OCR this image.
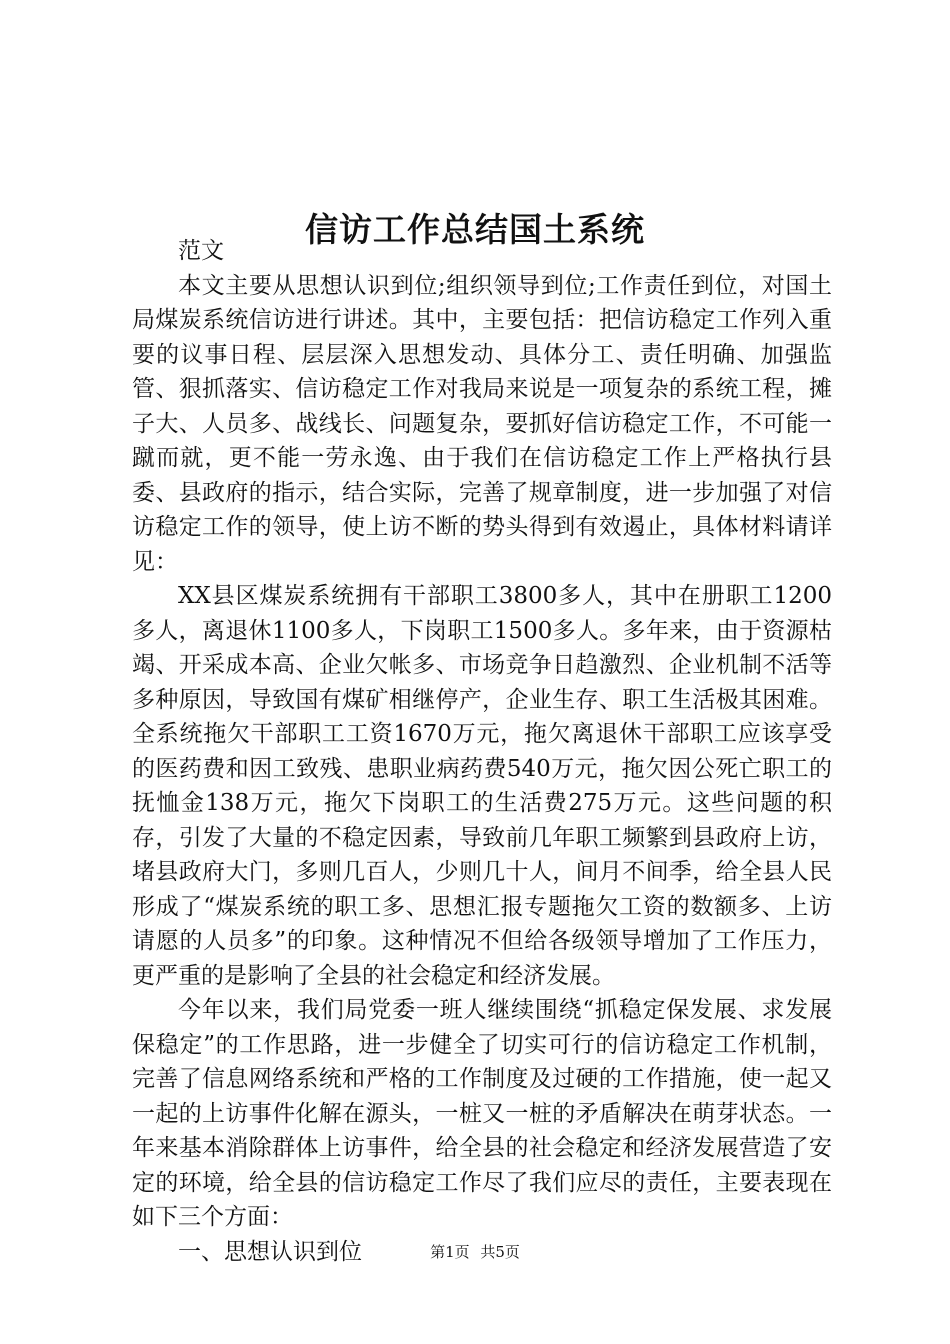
信访工作总结国土系统

范文

本文主要从思想认识到位;组织领导到位;工作责任到位，对国土局煤炭系统信访进行讲述。其中，主要包括：把信访稳定工作列入重要的议事日程、层层深入思想发动、具体分工、责任明确、加强监管、狠抓落实、信访稳定工作对我局来说是一项复杂的系统工程，摊子大、人员多、战线长、问题复杂，要抓好信访稳定工作，不可能一蹴而就，更不能一劳永逸、由于我们在信访稳定工作上严格执行县委、县政府的指示，结合实际，完善了规章制度，进一步加强了对信访稳定工作的领导，使上访不断的势头得到有效遏止，具体材料请详见：

XX县区煤炭系统拥有干部职工3800多人，其中在册职工1200多人，离退休1100多人，下岗职工1500多人。多年来，由于资源枯竭、开采成本高、企业欠帐多、市场竞争日趋激烈、企业机制不活等多种原因，导致国有煤矿相继停产，企业生存、职工生活极其困难。全系统拖欠干部职工工资1670万元，拖欠离退休干部职工应该享受的医药费和因工致残、患职业病药费540万元，拖欠因公死亡职工的抚恤金138万元，拖欠下岗职工的生活费275万元。这些问题的积存，引发了大量的不稳定因素，导致前几年职工频繁到县政府上访，堵县政府大门，多则几百人，少则几十人，间月不间季，给全县人民形成了“煤炭系统的职工多、思想汇报专题拖欠工资的数额多、上访请愿的人员多”的印象。这种情况不但给各级领导增加了工作压力，更严重的是影响了全县的社会稳定和经济发展。

今年以来，我们局党委一班人继续围绕“抓稳定保发展、求发展保稳定”的工作思路，进一步健全了切实可行的信访稳定工作机制，完善了信息网络系统和严格的工作制度及过硬的工作措施，使一起又一起的上访事件化解在源头，一桩又一桩的矛盾解决在萌芽状态。一年来基本消除群体上访事件，给全县的社会稳定和经济发展营造了安定的环境，给全县的信访稳定工作尽了我们应尽的责任，主要表现在如下三个方面：

一、思想认识到位	第1页 共5页
